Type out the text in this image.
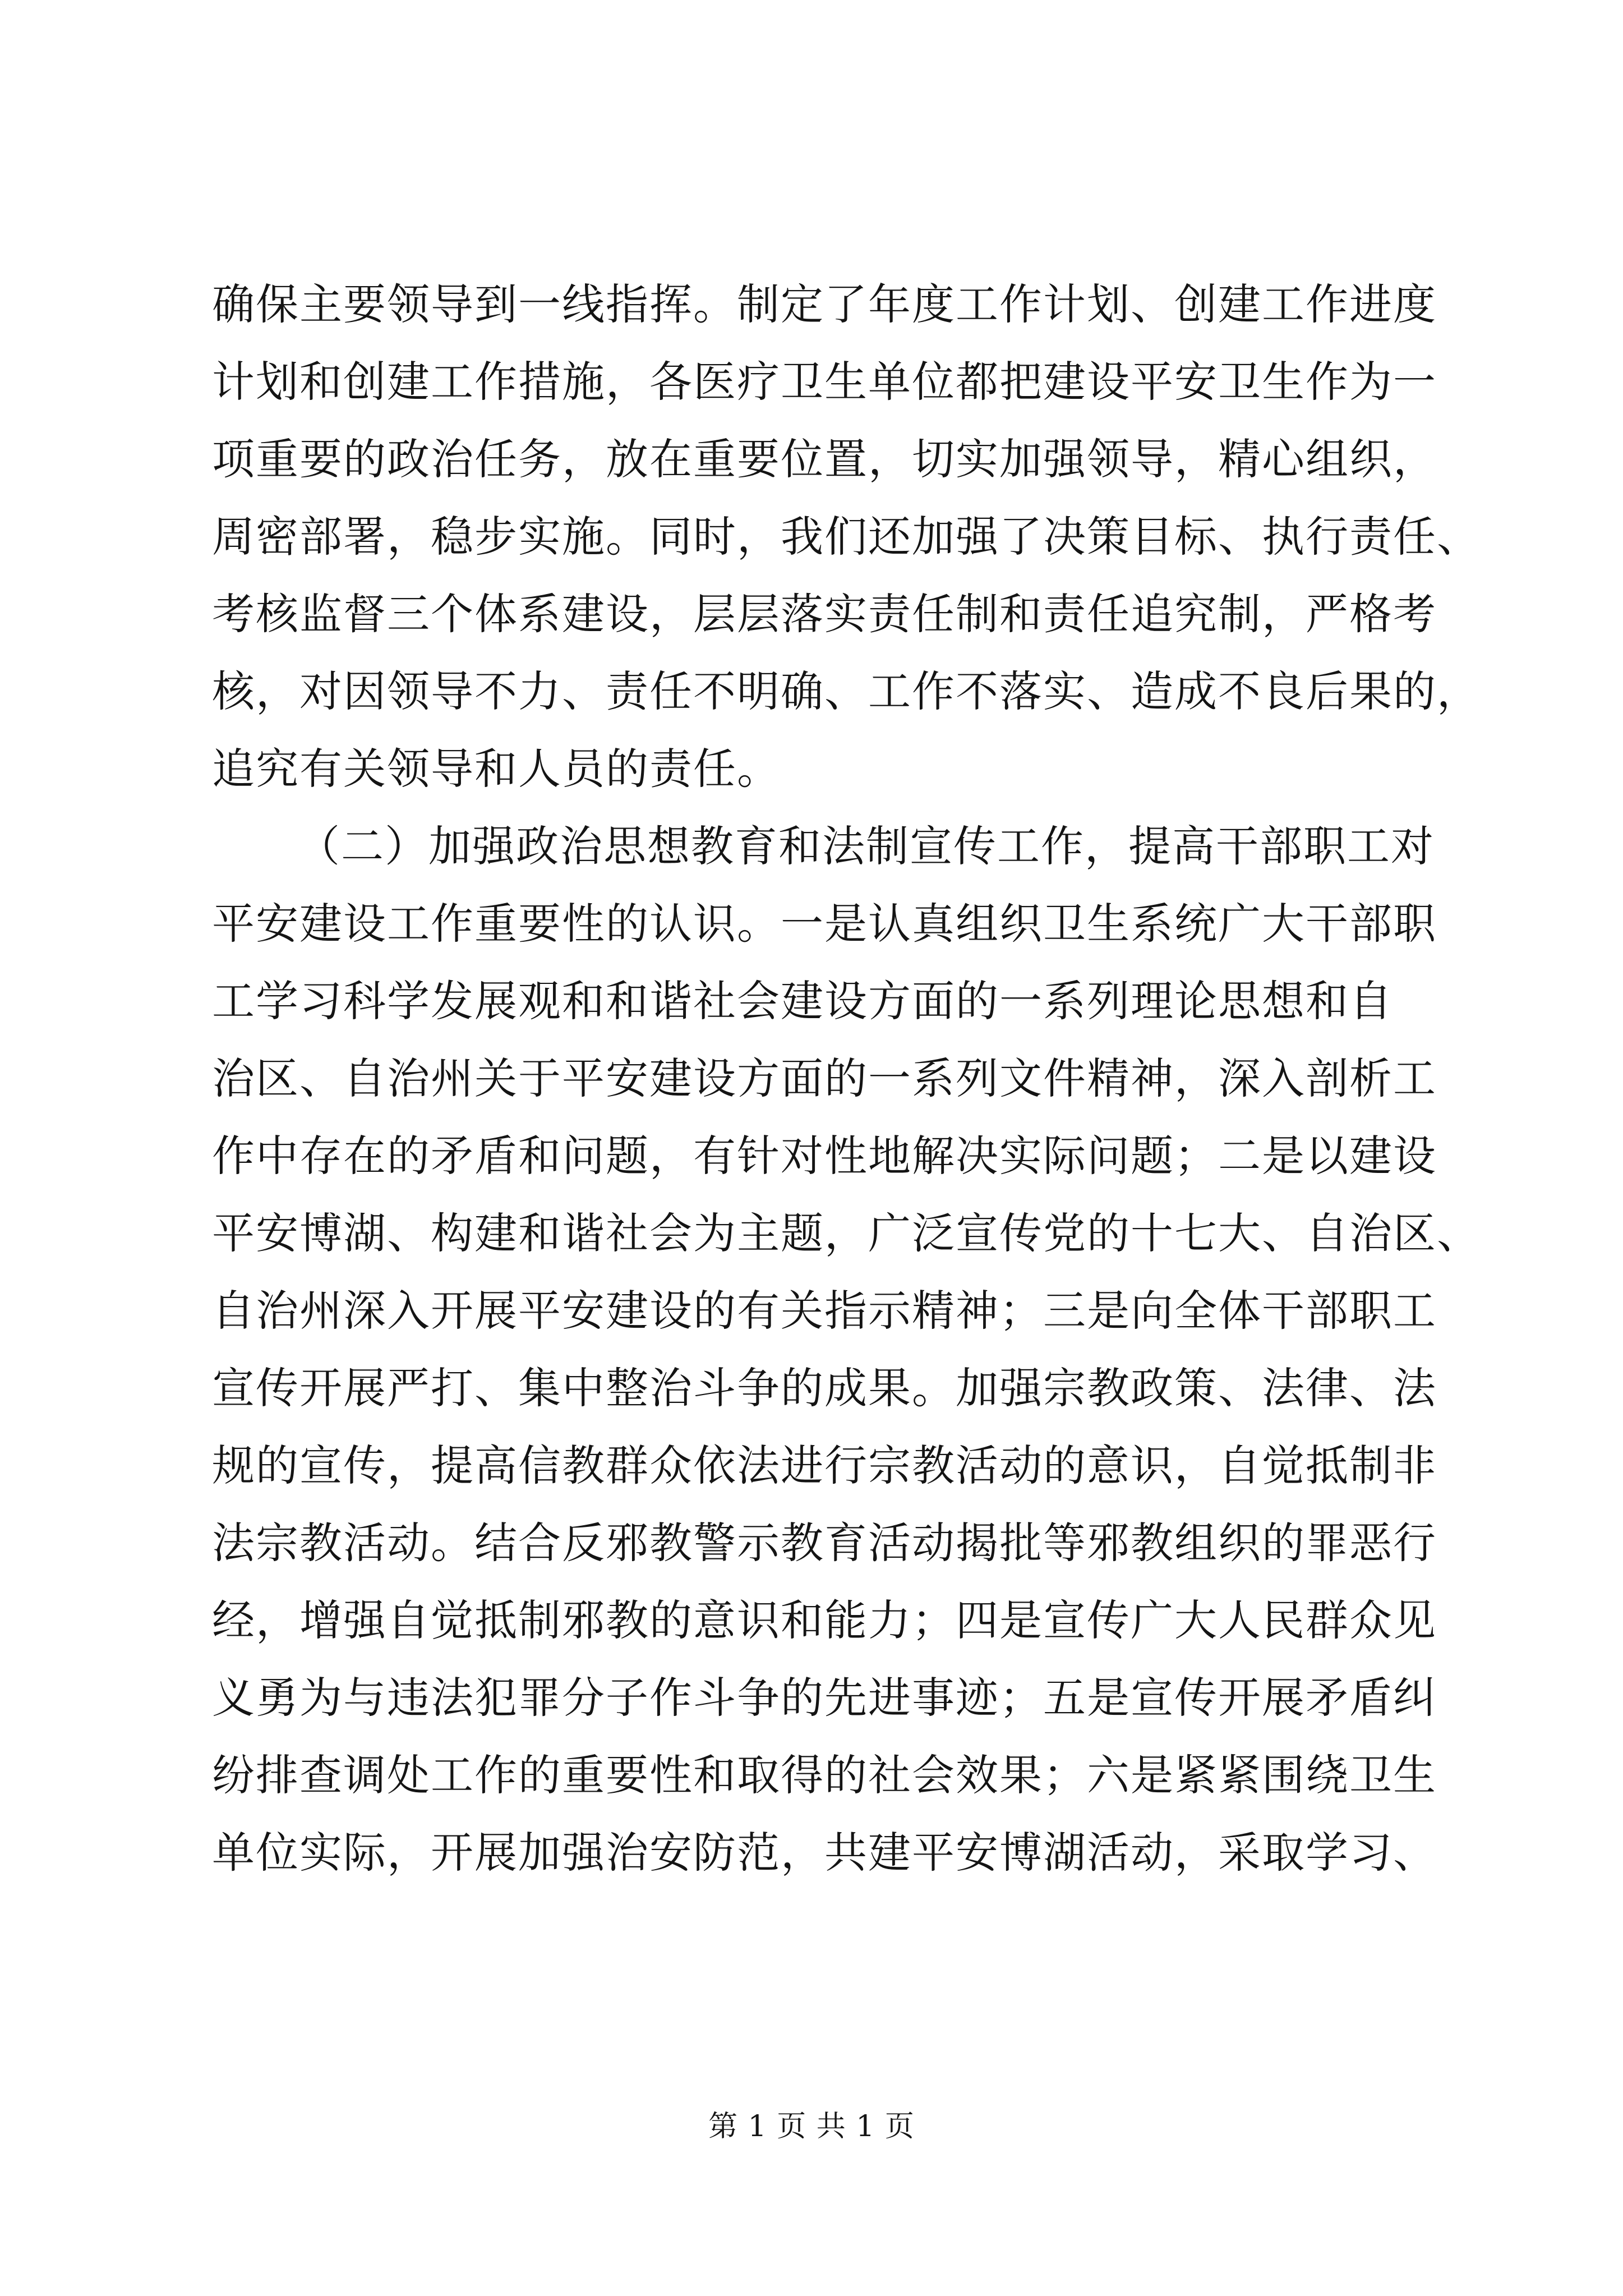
确保主要领导到一线指挥。制定了年度工作计划、创建工作进度
计划和创建工作措施，各医疗卫生单位都把建设平安卫生作为一
项重要的政治任务，放在重要位置，切实加强领导，精心组织，
周密部署，稳步实施。同时，我们还加强了决策目标、执行责任、
考核监督三个体系建设，层层落实责任制和责任追究制，严格考
核，对因领导不力、责任不明确、工作不落实、造成不良后果的，
追究有关领导和人员的责任。
（二）加强政治思想教育和法制宣传工作，提高干部职工对
平安建设工作重要性的认识。一是认真组织卫生系统广大干部职
工学习科学发展观和和谐社会建设方面的一系列理论思想和自
治区、自治州关于平安建设方面的一系列文件精神，深入剖析工
作中存在的矛盾和问题，有针对性地解决实际问题；二是以建设
平安博湖、构建和谐社会为主题，广泛宣传党的十七大、自治区、
自治州深入开展平安建设的有关指示精神；三是向全体干部职工
宣传开展严打、集中整治斗争的成果。加强宗教政策、法律、法
规的宣传，提高信教群众依法进行宗教活动的意识，自觉抵制非
法宗教活动。结合反邪教警示教育活动揭批等邪教组织的罪恶行
经，增强自觉抵制邪教的意识和能力；四是宣传广大人民群众见
义勇为与违法犯罪分子作斗争的先进事迹；五是宣传开展矛盾纠
纷排查调处工作的重要性和取得的社会效果；六是紧紧围绕卫生
单位实际，开展加强治安防范，共建平安博湖活动，采取学习、
第 1 页 共 1 页
